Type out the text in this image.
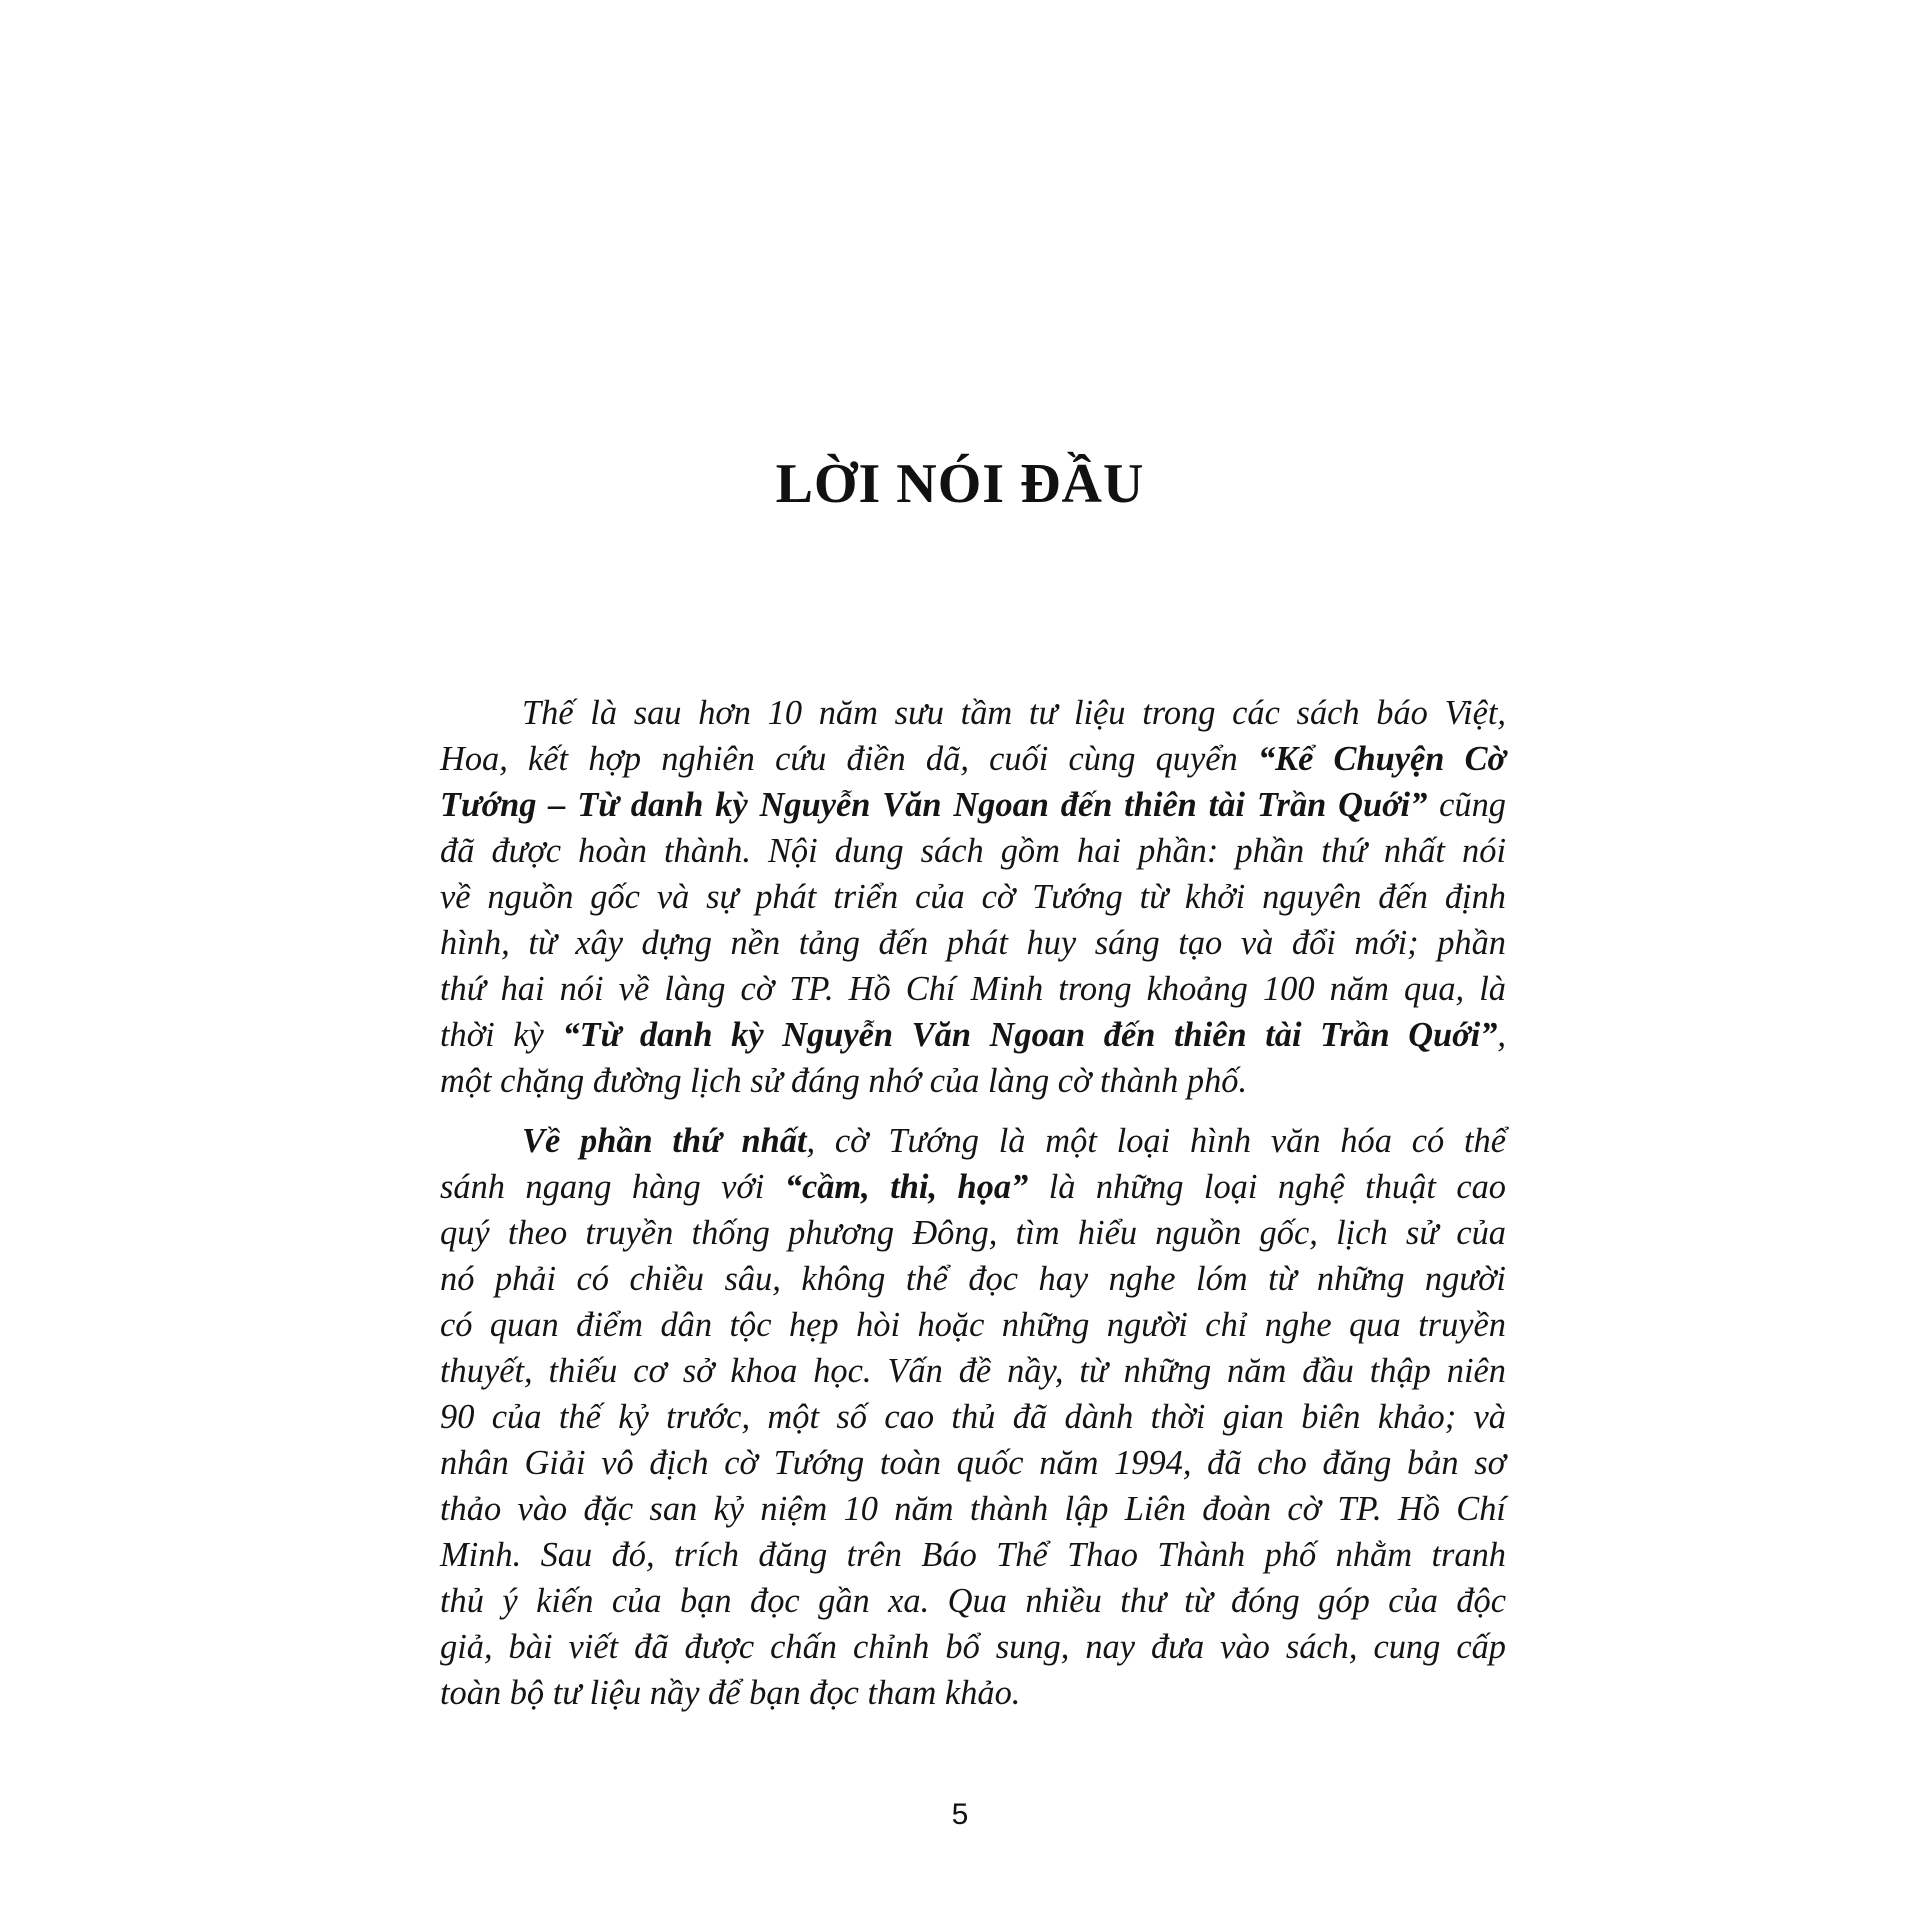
LỜI NÓI ĐẦU
Thế là sau hơn 10 năm sưu tầm tư liệu trong các sách báo Việt,
Hoa, kết hợp nghiên cứu điền dã, cuối cùng quyển “Kể Chuyện Cờ
Tướng – Từ danh kỳ Nguyễn Văn Ngoan đến thiên tài Trần Quới” cũng
đã được hoàn thành. Nội dung sách gồm hai phần: phần thứ nhất nói
về nguồn gốc và sự phát triển của cờ Tướng từ khởi nguyên đến định
hình, từ xây dựng nền tảng đến phát huy sáng tạo và đổi mới; phần
thứ hai nói về làng cờ TP. Hồ Chí Minh trong khoảng 100 năm qua, là
thời kỳ “Từ danh kỳ Nguyễn Văn Ngoan đến thiên tài Trần Quới”,
một chặng đường lịch sử đáng nhớ của làng cờ thành phố.
Về phần thứ nhất, cờ Tướng là một loại hình văn hóa có thể
sánh ngang hàng với “cầm, thi, họa” là những loại nghệ thuật cao
quý theo truyền thống phương Đông, tìm hiểu nguồn gốc, lịch sử của
nó phải có chiều sâu, không thể đọc hay nghe lóm từ những người
có quan điểm dân tộc hẹp hòi hoặc những người chỉ nghe qua truyền
thuyết, thiếu cơ sở khoa học. Vấn đề nầy, từ những năm đầu thập niên
90 của thế kỷ trước, một số cao thủ đã dành thời gian biên khảo; và
nhân Giải vô địch cờ Tướng toàn quốc năm 1994, đã cho đăng bản sơ
thảo vào đặc san kỷ niệm 10 năm thành lập Liên đoàn cờ TP. Hồ Chí
Minh. Sau đó, trích đăng trên Báo Thể Thao Thành phố nhằm tranh
thủ ý kiến của bạn đọc gần xa. Qua nhiều thư từ đóng góp của độc
giả, bài viết đã được chấn chỉnh bổ sung, nay đưa vào sách, cung cấp
toàn bộ tư liệu nầy để bạn đọc tham khảo.
5
